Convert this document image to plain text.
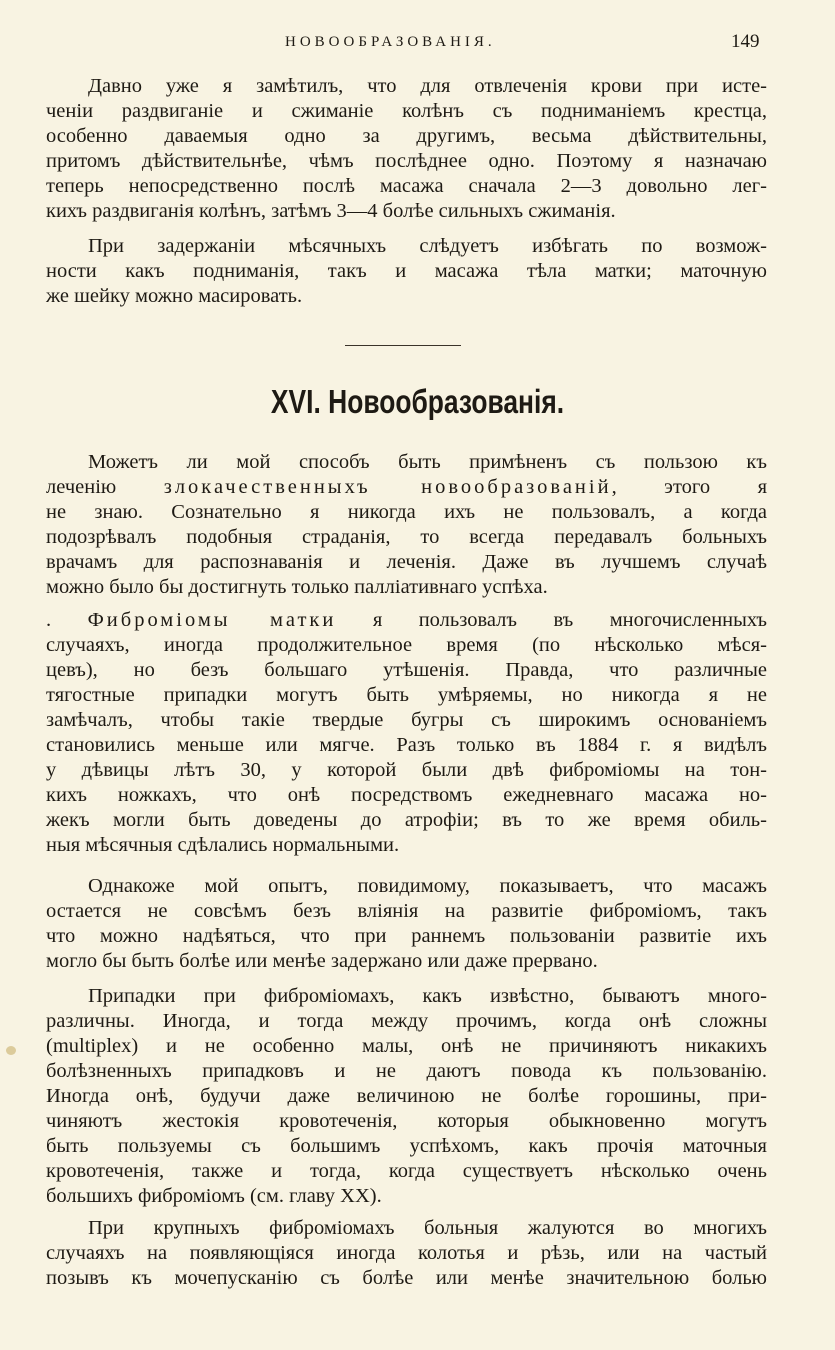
НОВООБРАЗОВАНІЯ.	149
Давно уже я замѣтилъ, что для отвлеченія крови при исте-
ченіи раздвиганіе и сжиманіе колѣнъ съ подниманіемъ крестца,
особенно даваемыя одно за другимъ, весьма дѣйствительны,
притомъ дѣйствительнѣе, чѣмъ послѣднее одно. Поэтому я назначаю
теперь непосредственно послѣ масажа сначала 2—3 довольно лег-
кихъ раздвиганія колѣнъ, затѣмъ 3—4 болѣе сильныхъ сжиманія.
При задержаніи мѣсячныхъ слѣдуетъ избѣгать по возмож-
ности какъ подниманія, такъ и масажа тѣла матки; маточную
же шейку можно масировать.
XVI. Новообразованія.
Можетъ ли мой способъ быть примѣненъ съ пользою къ
леченію злокачественныхъ новообразованій, этого я
не знаю. Сознательно я никогда ихъ не пользовалъ, а когда
подозрѣвалъ подобныя страданія, то всегда передавалъ больныхъ
врачамъ для распознаванія и леченія. Даже въ лучшемъ случаѣ
можно было бы достигнуть только палліативнаго успѣха.
. Фиброміомы матки я пользовалъ въ многочисленныхъ
случаяхъ, иногда продолжительное время (по нѣсколько мѣся-
цевъ), но безъ большаго утѣшенія. Правда, что различные
тягостные припадки могутъ быть умѣряемы, но никогда я не
замѣчалъ, чтобы такіе твердые бугры съ широкимъ основаніемъ
становились меньше или мягче. Разъ только въ 1884 г. я видѣлъ
у дѣвицы лѣтъ 30, у которой были двѣ фиброміомы на тон-
кихъ ножкахъ, что онѣ посредствомъ ежедневнаго масажа но-
жекъ могли быть доведены до атрофіи; въ то же время обиль-
ныя мѣсячныя сдѣлались нормальными.
Однакоже мой опытъ, повидимому, показываетъ, что масажъ
остается не совсѣмъ безъ вліянія на развитіе фиброміомъ, такъ
что можно надѣяться, что при раннемъ пользованіи развитіе ихъ
могло бы быть болѣе или менѣе задержано или даже прервано.
Припадки при фиброміомахъ, какъ извѣстно, бываютъ много-
различны. Иногда, и тогда между прочимъ, когда онѣ сложны
(multiplex) и не особенно малы, онѣ не причиняютъ никакихъ
болѣзненныхъ припадковъ и не даютъ повода къ пользованію.
Иногда онѣ, будучи даже величиною не болѣе горошины, при-
чиняютъ жестокія кровотеченія, которыя обыкновенно могутъ
быть пользуемы съ большимъ успѣхомъ, какъ прочія маточныя
кровотеченія, также и тогда, когда существуетъ нѣсколько очень
большихъ фиброміомъ (см. главу XX).
При крупныхъ фиброміомахъ больныя жалуются во многихъ
случаяхъ на появляющіяся иногда колотья и рѣзь, или на частый
позывъ къ мочепусканію съ болѣе или менѣе значительною болью
